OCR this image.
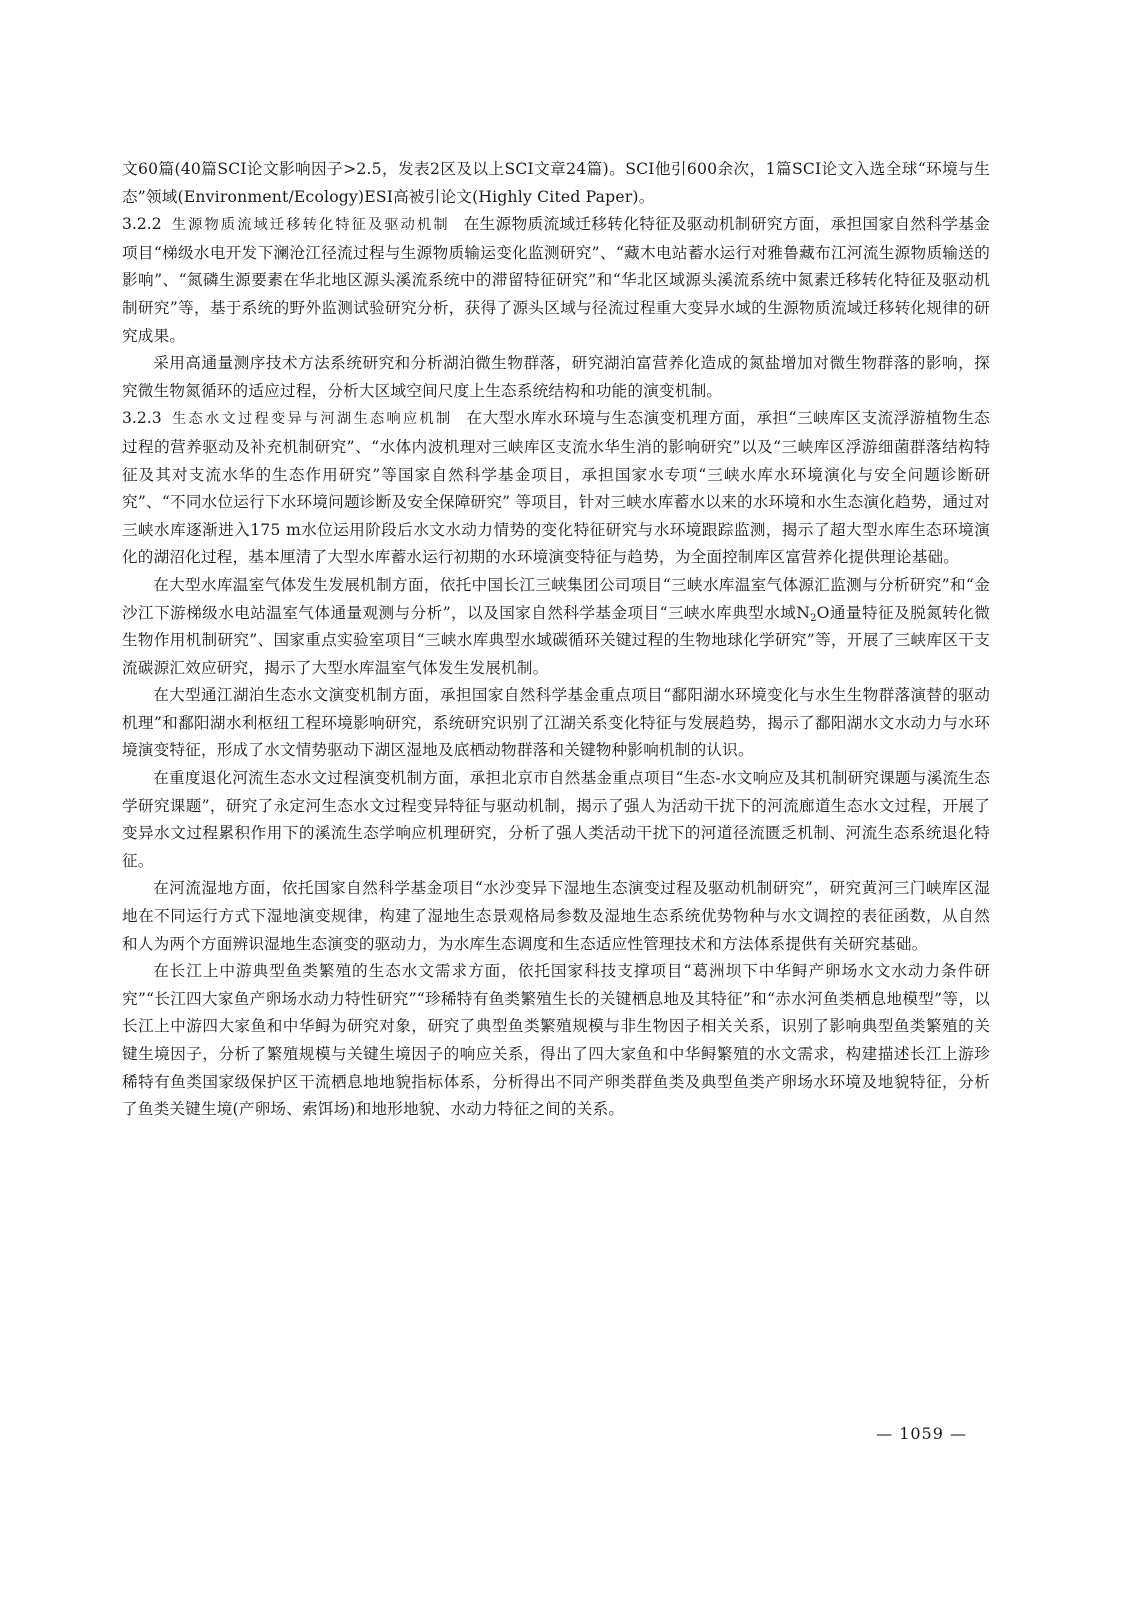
文60篇(40篇SCI论文影响因子>2.5，发表2区及以上SCI文章24篇)。SCI他引600余次，1篇SCI论文入选全球“环境与生态”领域(Environment/Ecology)ESI高被引论文(Highly Cited Paper)。

3.2.2 生源物质流域迁移转化特征及驱动机制 在生源物质流域迁移转化特征及驱动机制研究方面，承担国家自然科学基金项目“梯级水电开发下澜沧江径流过程与生源物质输运变化监测研究”、“藏木电站蓄水运行对雅鲁藏布江河流生源物质输送的影响”、“氮磷生源要素在华北地区源头溪流系统中的滞留特征研究”和“华北区域源头溪流系统中氮素迁移转化特征及驱动机制研究”等，基于系统的野外监测试验研究分析，获得了源头区域与径流过程重大变异水域的生源物质流域迁移转化规律的研究成果。

采用高通量测序技术方法系统研究和分析湖泊微生物群落，研究湖泊富营养化造成的氮盐增加对微生物群落的影响，探究微生物氮循环的适应过程，分析大区域空间尺度上生态系统结构和功能的演变机制。

3.2.3 生态水文过程变异与河湖生态响应机制 在大型水库水环境与生态演变机理方面，承担“三峡库区支流浮游植物生态过程的营养驱动及补充机制研究”、“水体内波机理对三峡库区支流水华生消的影响研究”以及“三峡库区浮游细菌群落结构特征及其对支流水华的生态作用研究”等国家自然科学基金项目，承担国家水专项“三峡水库水环境演化与安全问题诊断研究”、“不同水位运行下水环境问题诊断及安全保障研究” 等项目，针对三峡水库蓄水以来的水环境和水生态演化趋势，通过对三峡水库逐渐进入175 m水位运用阶段后水文水动力情势的变化特征研究与水环境跟踪监测，揭示了超大型水库生态环境演化的湖沼化过程，基本厘清了大型水库蓄水运行初期的水环境演变特征与趋势，为全面控制库区富营养化提供理论基础。

在大型水库温室气体发生发展机制方面，依托中国长江三峡集团公司项目“三峡水库温室气体源汇监测与分析研究”和“金沙江下游梯级水电站温室气体通量观测与分析”，以及国家自然科学基金项目“三峡水库典型水域$N_2O$通量特征及脱氮转化微生物作用机制研究”、国家重点实验室项目“三峡水库典型水域碳循环关键过程的生物地球化学研究”等，开展了三峡库区干支流碳源汇效应研究，揭示了大型水库温室气体发生发展机制。

在大型通江湖泊生态水文演变机制方面，承担国家自然科学基金重点项目“鄱阳湖水环境变化与水生生物群落演替的驱动机理”和鄱阳湖水利枢纽工程环境影响研究，系统研究识别了江湖关系变化特征与发展趋势，揭示了鄱阳湖水文水动力与水环境演变特征，形成了水文情势驱动下湖区湿地及底栖动物群落和关键物种影响机制的认识。

在重度退化河流生态水文过程演变机制方面，承担北京市自然基金重点项目“生态-水文响应及其机制研究课题与溪流生态学研究课题”，研究了永定河生态水文过程变异特征与驱动机制，揭示了强人为活动干扰下的河流廊道生态水文过程，开展了变异水文过程累积作用下的溪流生态学响应机理研究，分析了强人类活动干扰下的河道径流匮乏机制、河流生态系统退化特征。

在河流湿地方面，依托国家自然科学基金项目“水沙变异下湿地生态演变过程及驱动机制研究”，研究黄河三门峡库区湿地在不同运行方式下湿地演变规律，构建了湿地生态景观格局参数及湿地生态系统优势物种与水文调控的表征函数，从自然和人为两个方面辨识湿地生态演变的驱动力，为水库生态调度和生态适应性管理技术和方法体系提供有关研究基础。

在长江上中游典型鱼类繁殖的生态水文需求方面，依托国家科技支撑项目“葛洲坝下中华鲟产卵场水文水动力条件研究”“长江四大家鱼产卵场水动力特性研究”“珍稀特有鱼类繁殖生长的关键栖息地及其特征”和“赤水河鱼类栖息地模型”等，以长江上中游四大家鱼和中华鲟为研究对象，研究了典型鱼类繁殖规模与非生物因子相关关系，识别了影响典型鱼类繁殖的关键生境因子，分析了繁殖规模与关键生境因子的响应关系，得出了四大家鱼和中华鲟繁殖的水文需求，构建描述长江上游珍稀特有鱼类国家级保护区干流栖息地地貌指标体系，分析得出不同产卵类群鱼类及典型鱼类产卵场水环境及地貌特征，分析了鱼类关键生境(产卵场、索饵场)和地形地貌、水动力特征之间的关系。

— 1059 —
